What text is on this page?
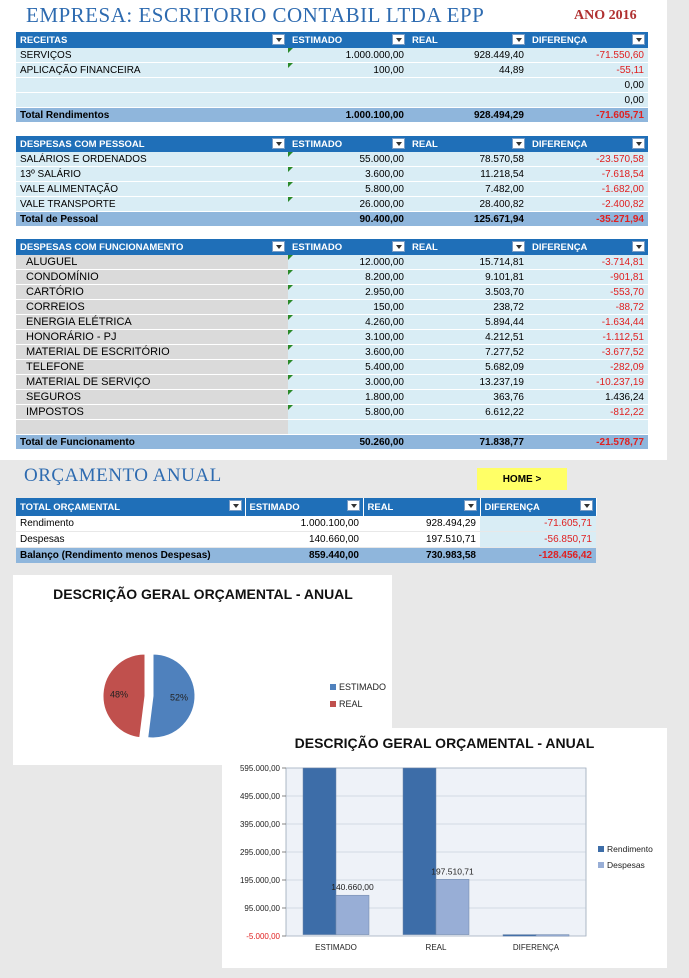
EMPRESA: ESCRITORIO CONTABIL LTDA EPP	ANO 2016
RECEITAS	ESTIMADO	REAL	DIFERENÇA

SERVIÇOS	1.000.000,00	928.449,40	-71.550,60
APLICAÇÃO FINANCEIRA	100,00	44,89	-55,11
			0,00
			0,00
Total Rendimentos	1.000.100,00	928.494,29	-71.605,71
DESPESAS COM PESSOAL	ESTIMADO	REAL	DIFERENÇA

SALÁRIOS E ORDENADOS	55.000,00	78.570,58	-23.570,58
13º SALÁRIO	3.600,00	11.218,54	-7.618,54
VALE ALIMENTAÇÃO	5.800,00	7.482,00	-1.682,00
VALE TRANSPORTE	26.000,00	28.400,82	-2.400,82
Total de Pessoal	90.400,00	125.671,94	-35.271,94
DESPESAS COM FUNCIONAMENTO	ESTIMADO	REAL	DIFERENÇA

ALUGUEL	12.000,00	15.714,81	-3.714,81
CONDOMÍNIO	8.200,00	9.101,81	-901,81
CARTÓRIO	2.950,00	3.503,70	-553,70
CORREIOS	150,00	238,72	-88,72
ENERGIA ELÉTRICA	4.260,00	5.894,44	-1.634,44
HONORÁRIO - PJ	3.100,00	4.212,51	-1.112,51
MATERIAL DE ESCRITÓRIO	3.600,00	7.277,52	-3.677,52
TELEFONE	5.400,00	5.682,09	-282,09
MATERIAL DE SERVIÇO	3.000,00	13.237,19	-10.237,19
SEGUROS	1.800,00	363,76	1.436,24
IMPOSTOS	5.800,00	6.612,22	-812,22

Total de Funcionamento	50.260,00	71.838,77	-21.578,77
ORÇAMENTO ANUAL	HOME >
TOTAL ORÇAMENTAL	ESTIMADO	REAL	DIFERENÇA

Rendimento	1.000.100,00	928.494,29	-71.605,71
Despesas	140.660,00	197.510,71	-56.850,71
Balanço (Rendimento menos Despesas)	859.440,00	730.983,58	-128.456,42
DESCRIÇÃO GERAL ORÇAMENTAL - ANUAL
52%
48%
ESTIMADO
REAL
DESCRIÇÃO GERAL ORÇAMENTAL - ANUAL
595.000,00
495.000,00
395.000,00
295.000,00
195.000,00
95.000,00
-5.000,00
ESTIMADO	REAL	DIFERENÇA
140.660,00
197.510,71
Rendimento
Despesas
